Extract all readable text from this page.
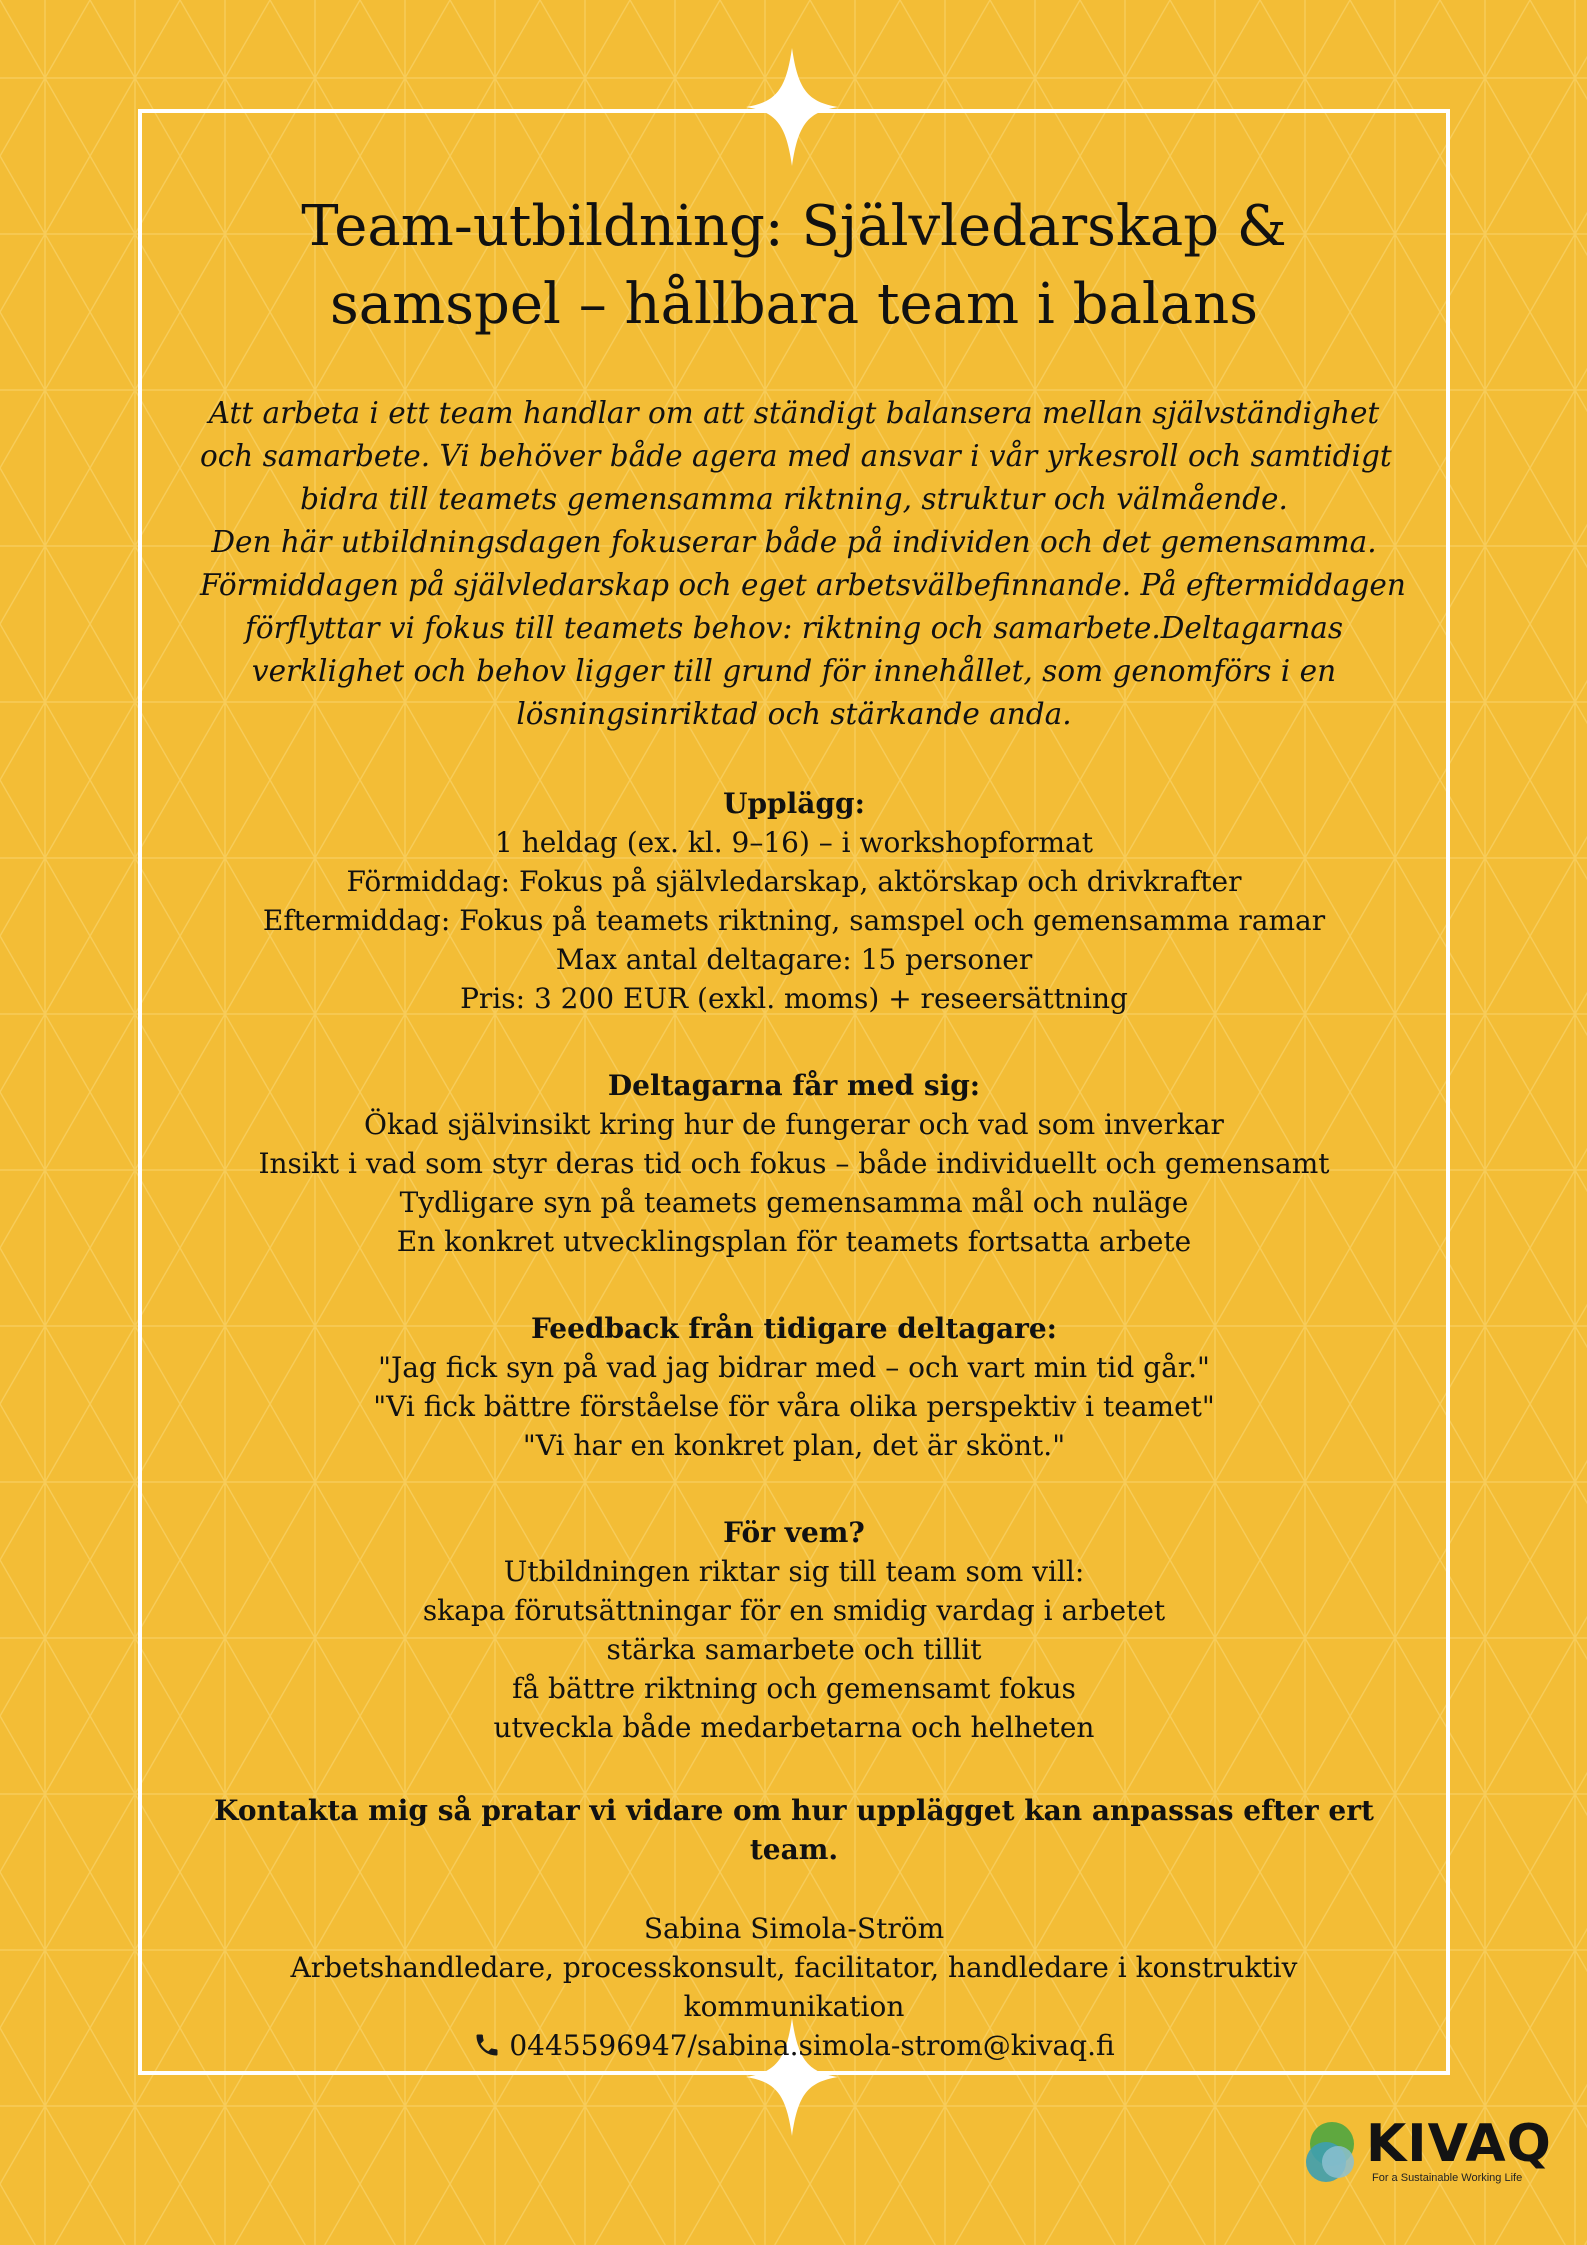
Team-utbildning: Självledarskap &
samspel – hållbara team i balans

Att arbeta i ett team handlar om att ständigt balansera mellan självständighet
och samarbete. Vi behöver både agera med ansvar i vår yrkesroll och samtidigt
bidra till teamets gemensamma riktning, struktur och välmående.
Den här utbildningsdagen fokuserar både på individen och det gemensamma.
Förmiddagen på självledarskap och eget arbetsvälbefinnande. På eftermiddagen
förflyttar vi fokus till teamets behov: riktning och samarbete.Deltagarnas
verklighet och behov ligger till grund för innehållet, som genomförs i en
lösningsinriktad och stärkande anda.

Upplägg:
1 heldag (ex. kl. 9–16) – i workshopformat
Förmiddag: Fokus på självledarskap, aktörskap och drivkrafter
Eftermiddag: Fokus på teamets riktning, samspel och gemensamma ramar
Max antal deltagare: 15 personer
Pris: 3 200 EUR (exkl. moms) + reseersättning
Deltagarna får med sig:
Ökad självinsikt kring hur de fungerar och vad som inverkar
Insikt i vad som styr deras tid och fokus – både individuellt och gemensamt
Tydligare syn på teamets gemensamma mål och nuläge
En konkret utvecklingsplan för teamets fortsatta arbete
Feedback från tidigare deltagare:
"Jag fick syn på vad jag bidrar med – och vart min tid går."
"Vi fick bättre förståelse för våra olika perspektiv i teamet"
"Vi har en konkret plan, det är skönt."
För vem?
Utbildningen riktar sig till team som vill:
skapa förutsättningar för en smidig vardag i arbetet
stärka samarbete och tillit
få bättre riktning och gemensamt fokus
utveckla både medarbetarna och helheten
Kontakta mig så pratar vi vidare om hur upplägget kan anpassas efter ert team.
Sabina Simola-Ström
Arbetshandledare, processkonsult, facilitator, handledare i konstruktiv
kommunikation
0445596947/sabina.simola-strom@kivaq.fi
KIVAQ
For a Sustainable Working Life
